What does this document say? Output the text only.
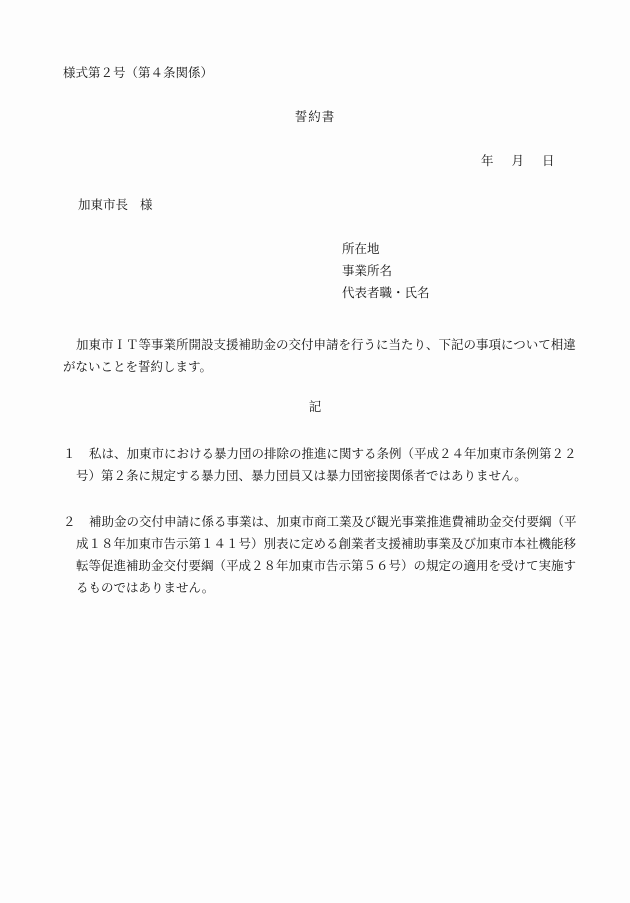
様式第２号（第４条関係）
誓約書
年 月 日
加東市長 様
所在地
事業所名
代表者職・氏名
加東市ＩＴ等事業所開設支援補助金の交付申請を行うに当たり、下記の事項について相違がないことを誓約します。
記
１ 私は、加東市における暴力団の排除の推進に関する条例（平成２４年加東市条例第２２号）第２条に規定する暴力団、暴力団員又は暴力団密接関係者ではありません。
２ 補助金の交付申請に係る事業は、加東市商工業及び観光事業推進費補助金交付要綱（平成１８年加東市告示第１４１号）別表に定める創業者支援補助事業及び加東市本社機能移転等促進補助金交付要綱（平成２８年加東市告示第５６号）の規定の適用を受けて実施するものではありません。
